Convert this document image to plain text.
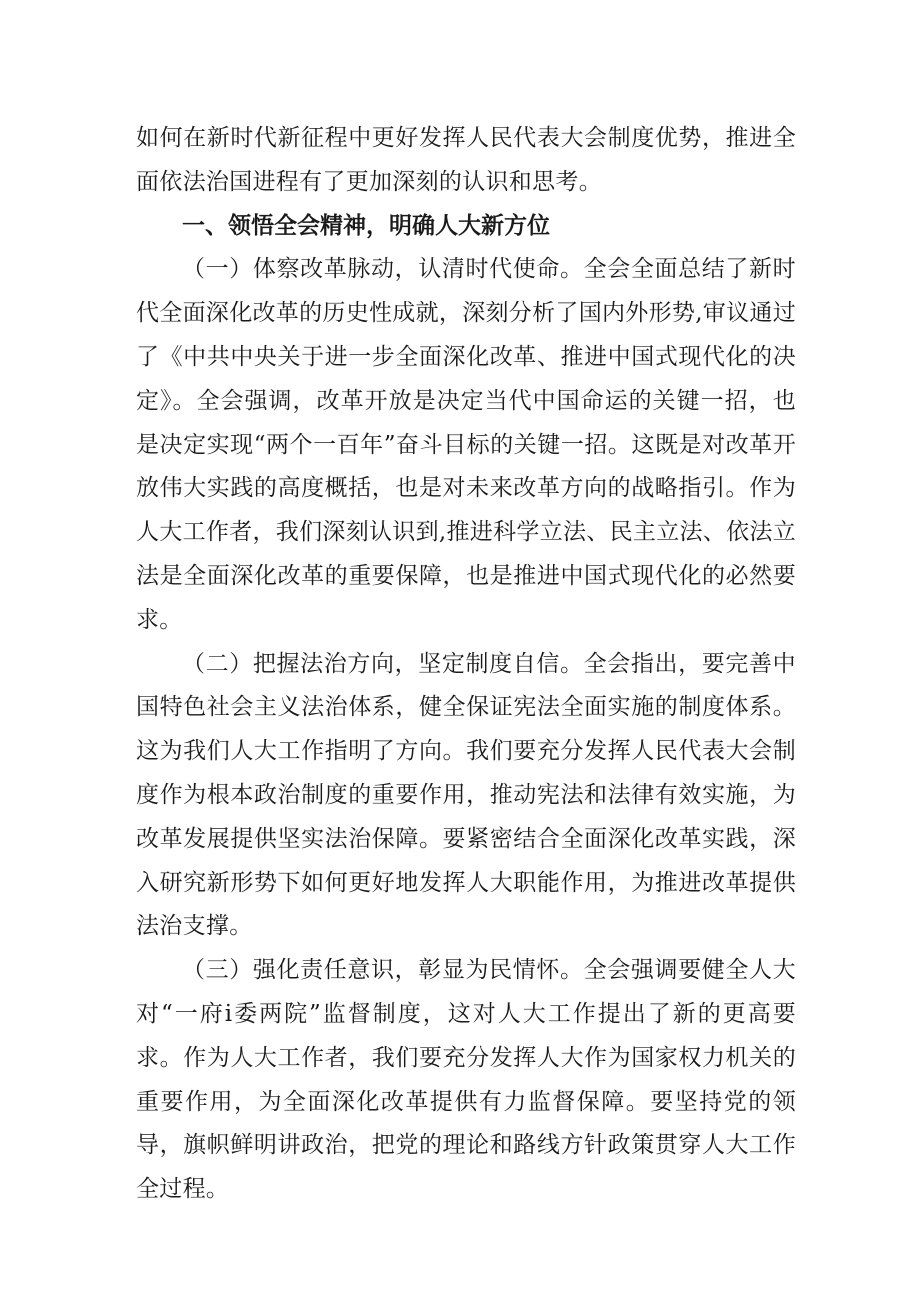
如何在新时代新征程中更好发挥人民代表大会制度优势，推进全面依法治国进程有了更加深刻的认识和思考。

一、领悟全会精神，明确人大新方位

（一）体察改革脉动，认清时代使命。全会全面总结了新时代全面深化改革的历史性成就，深刻分析了国内外形势,审议通过了《中共中央关于进一步全面深化改革、推进中国式现代化的决定》。全会强调，改革开放是决定当代中国命运的关键一招，也是决定实现“两个一百年”奋斗目标的关键一招。这既是对改革开放伟大实践的高度概括，也是对未来改革方向的战略指引。作为人大工作者，我们深刻认识到,推进科学立法、民主立法、依法立法是全面深化改革的重要保障，也是推进中国式现代化的必然要求。

（二）把握法治方向，坚定制度自信。全会指出，要完善中国特色社会主义法治体系，健全保证宪法全面实施的制度体系。这为我们人大工作指明了方向。我们要充分发挥人民代表大会制度作为根本政治制度的重要作用，推动宪法和法律有效实施，为改革发展提供坚实法治保障。要紧密结合全面深化改革实践，深入研究新形势下如何更好地发挥人大职能作用，为推进改革提供法治支撑。

（三）强化责任意识，彰显为民情怀。全会强调要健全人大对“一府i委两院”监督制度，这对人大工作提出了新的更高要求。作为人大工作者，我们要充分发挥人大作为国家权力机关的重要作用，为全面深化改革提供有力监督保障。要坚持党的领导，旗帜鲜明讲政治，把党的理论和路线方针政策贯穿人大工作全过程。
